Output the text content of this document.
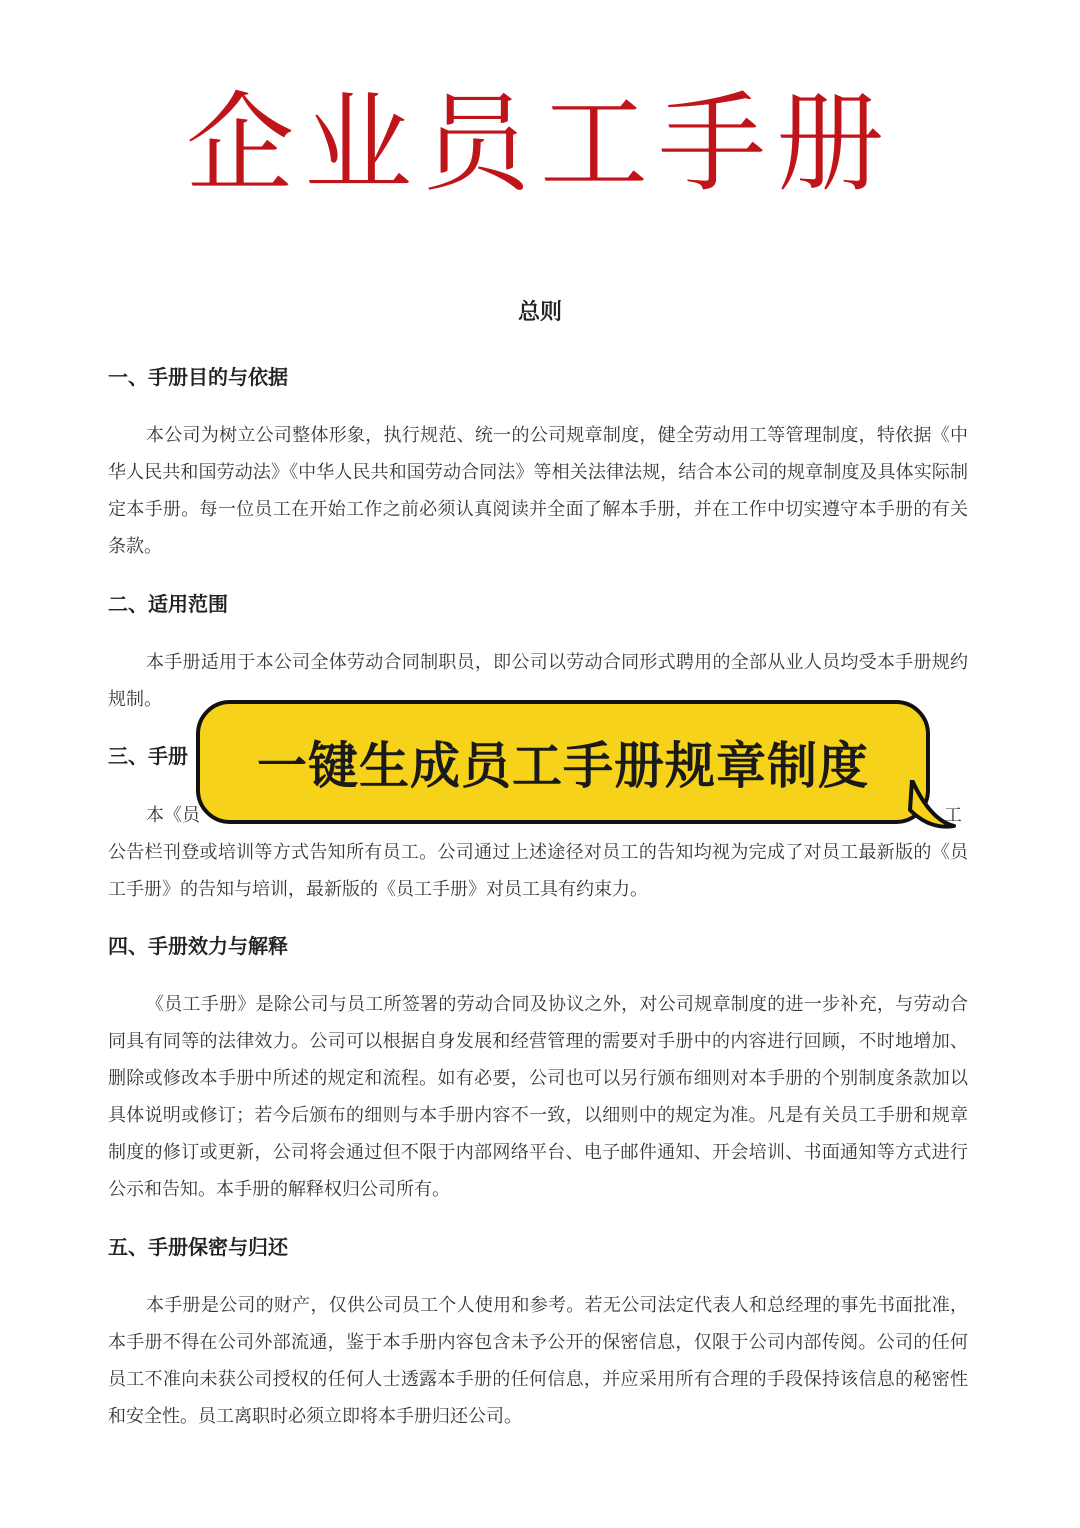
企业员工手册
总则
一、手册目的与依据

本公司为树立公司整体形象，执行规范、统一的公司规章制度，健全劳动用工等管理制度，特依据《中华人民共和国劳动法》《中华人民共和国劳动合同法》等相关法律法规，结合本公司的规章制度及具体实际制定本手册。每一位员工在开始工作之前必须认真阅读并全面了解本手册，并在工作中切实遵守本手册的有关条款。

二、适用范围

本手册适用于本公司全体劳动合同制职员，即公司以劳动合同形式聘用的全部从业人员均受本手册规约规制。

三、手册

本《员	工

公告栏刊登或培训等方式告知所有员工。公司通过上述途径对员工的告知均视为完成了对员工最新版的《员工手册》的告知与培训，最新版的《员工手册》对员工具有约束力。

四、手册效力与解释

《员工手册》是除公司与员工所签署的劳动合同及协议之外，对公司规章制度的进一步补充，与劳动合同具有同等的法律效力。公司可以根据自身发展和经营管理的需要对手册中的内容进行回顾，不时地增加、删除或修改本手册中所述的规定和流程。如有必要，公司也可以另行颁布细则对本手册的个别制度条款加以具体说明或修订；若今后颁布的细则与本手册内容不一致，以细则中的规定为准。凡是有关员工手册和规章制度的修订或更新，公司将会通过但不限于内部网络平台、电子邮件通知、开会培训、书面通知等方式进行公示和告知。本手册的解释权归公司所有。

五、手册保密与归还

本手册是公司的财产，仅供公司员工个人使用和参考。若无公司法定代表人和总经理的事先书面批准，本手册不得在公司外部流通，鉴于本手册内容包含未予公开的保密信息，仅限于公司内部传阅。公司的任何员工不准向未获公司授权的任何人士透露本手册的任何信息，并应采用所有合理的手段保持该信息的秘密性和安全性。员工离职时必须立即将本手册归还公司。

一键生成员工手册规章制度
